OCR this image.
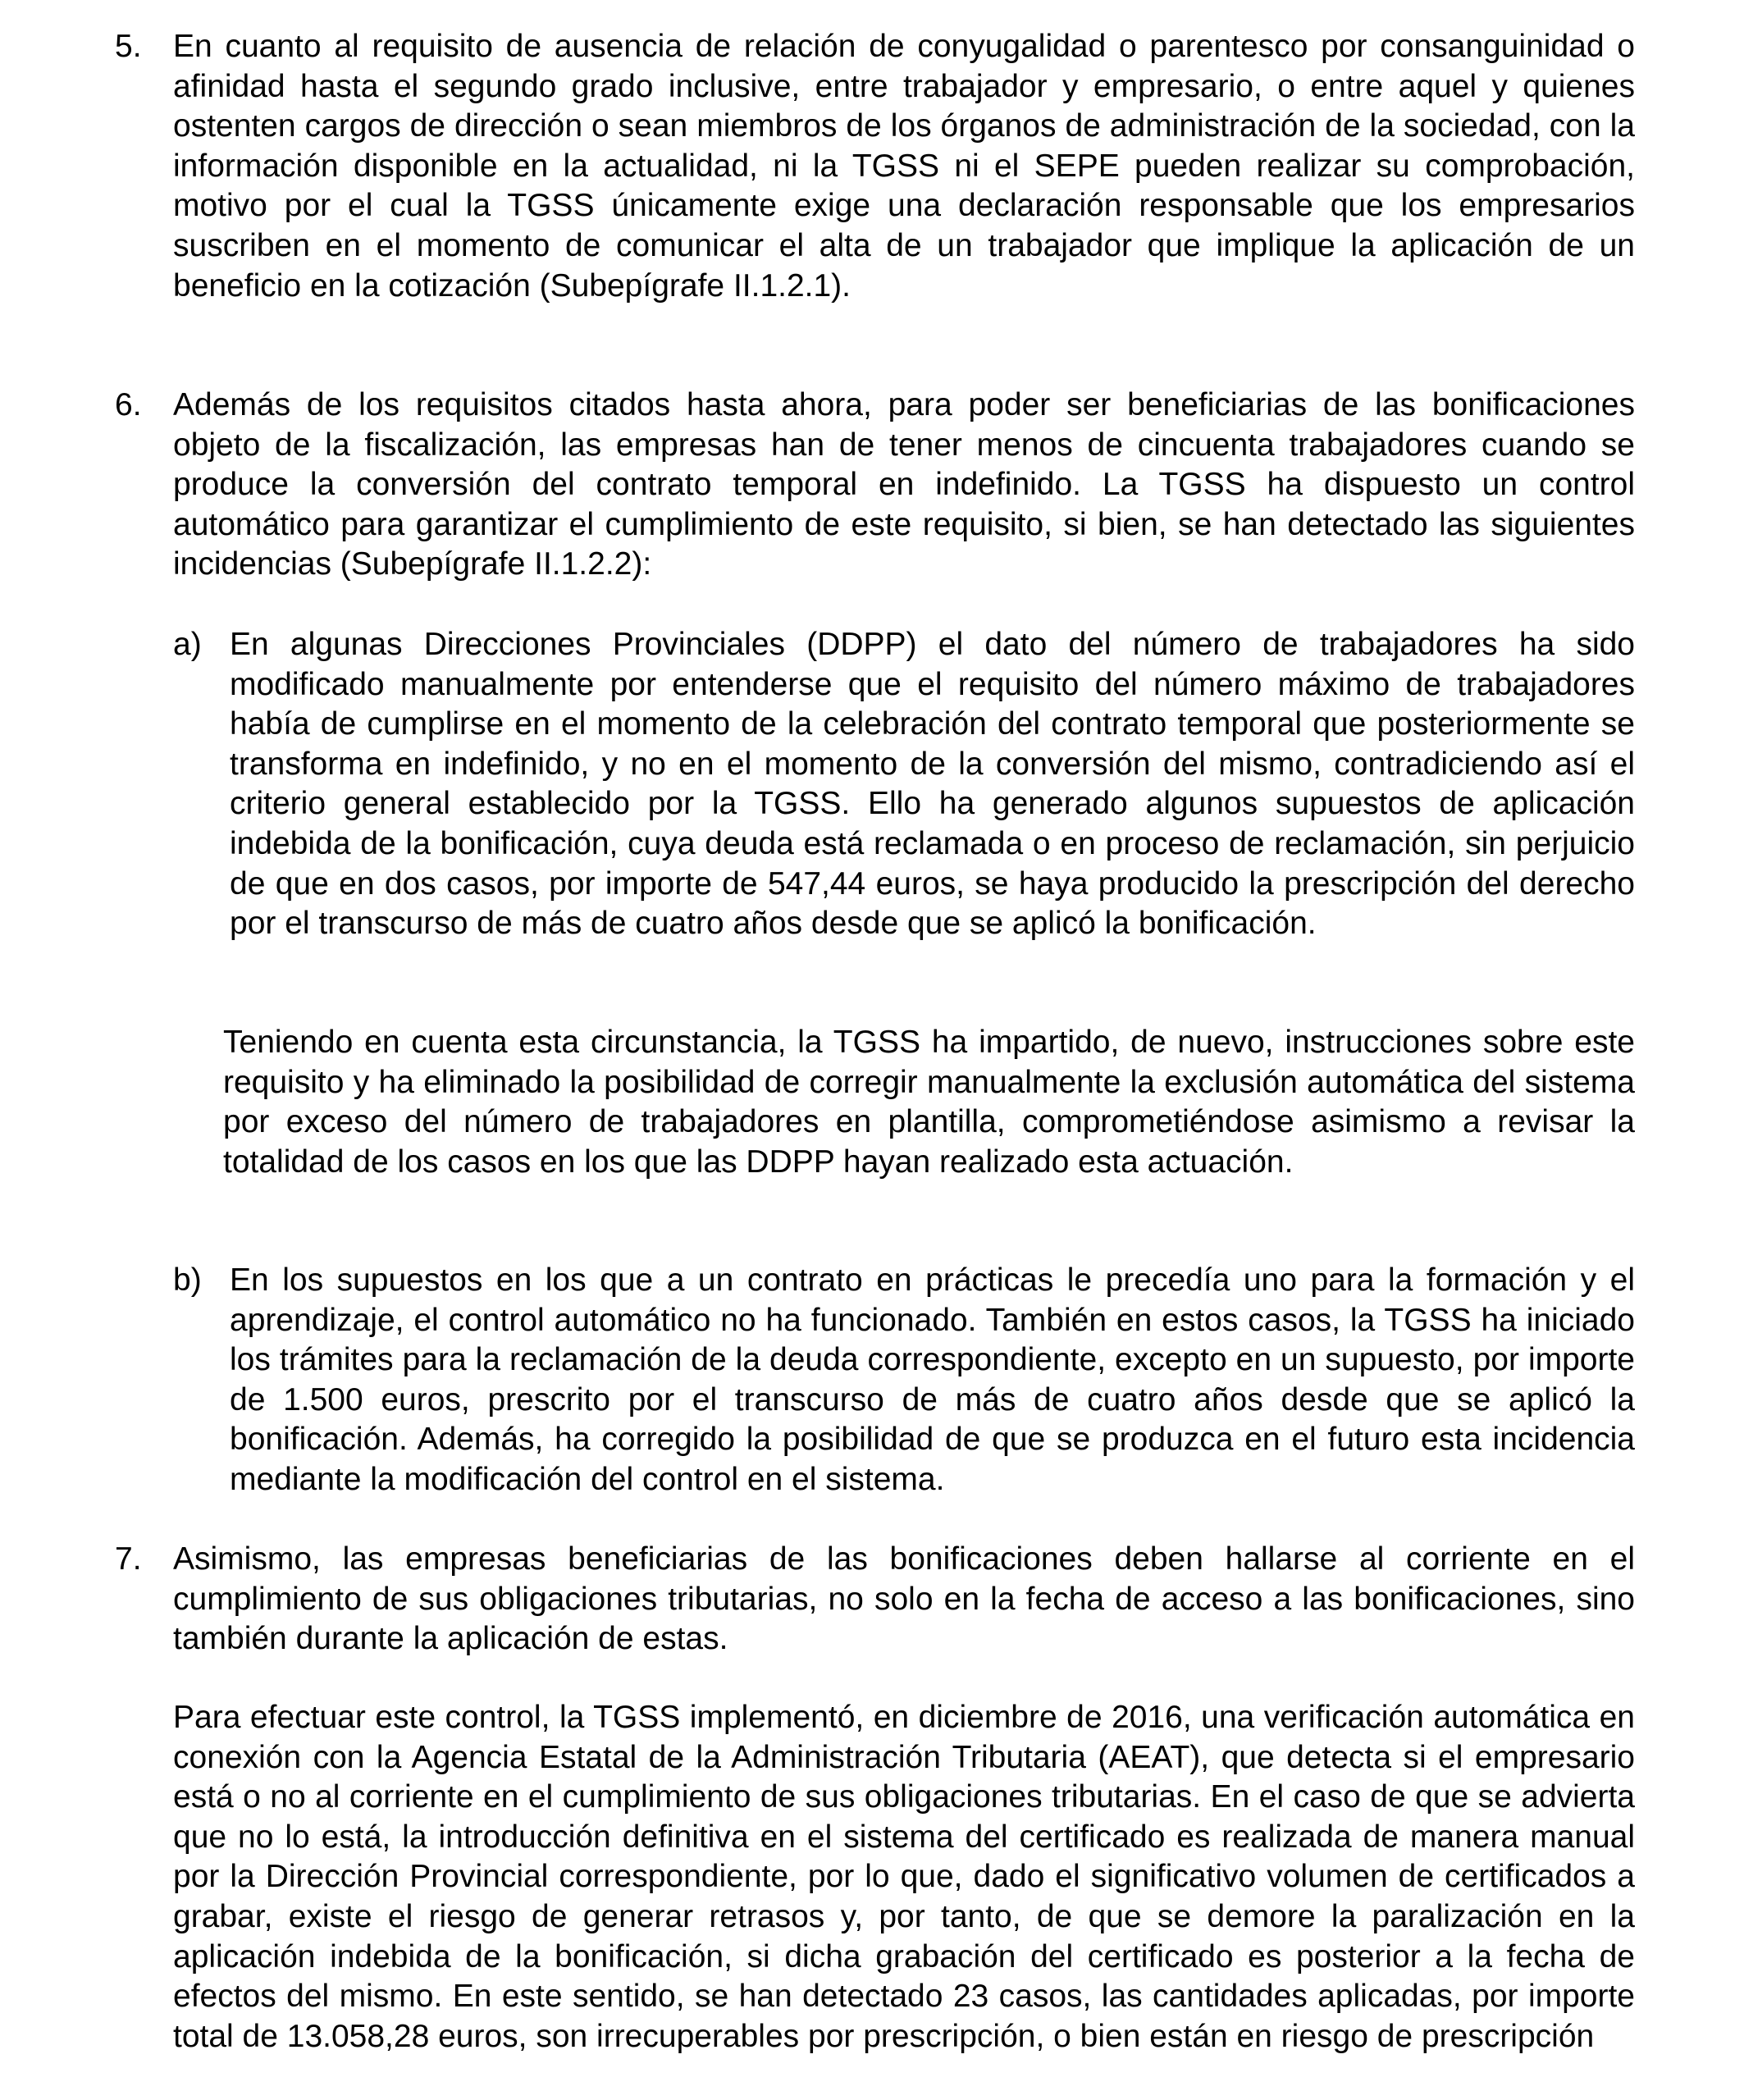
5. En cuanto al requisito de ausencia de relación de conyugalidad o parentesco por consanguinidad o afinidad hasta el segundo grado inclusive, entre trabajador y empresario, o entre aquel y quienes ostenten cargos de dirección o sean miembros de los órganos de administración de la sociedad, con la información disponible en la actualidad, ni la TGSS ni el SEPE pueden realizar su comprobación, motivo por el cual la TGSS únicamente exige una declaración responsable que los empresarios suscriben en el momento de comunicar el alta de un trabajador que implique la aplicación de un beneficio en la cotización (Subepígrafe II.1.2.1).

6. Además de los requisitos citados hasta ahora, para poder ser beneficiarias de las bonificaciones objeto de la fiscalización, las empresas han de tener menos de cincuenta trabajadores cuando se produce la conversión del contrato temporal en indefinido. La TGSS ha dispuesto un control automático para garantizar el cumplimiento de este requisito, si bien, se han detectado las siguientes incidencias (Subepígrafe II.1.2.2):

a) En algunas Direcciones Provinciales (DDPP) el dato del número de trabajadores ha sido modificado manualmente por entenderse que el requisito del número máximo de trabajadores había de cumplirse en el momento de la celebración del contrato temporal que posteriormente se transforma en indefinido, y no en el momento de la conversión del mismo, contradiciendo así el criterio general establecido por la TGSS. Ello ha generado algunos supuestos de aplicación indebida de la bonificación, cuya deuda está reclamada o en proceso de reclamación, sin perjuicio de que en dos casos, por importe de 547,44 euros, se haya producido la prescripción del derecho por el transcurso de más de cuatro años desde que se aplicó la bonificación.

Teniendo en cuenta esta circunstancia, la TGSS ha impartido, de nuevo, instrucciones sobre este requisito y ha eliminado la posibilidad de corregir manualmente la exclusión automática del sistema por exceso del número de trabajadores en plantilla, comprometiéndose asimismo a revisar la totalidad de los casos en los que las DDPP hayan realizado esta actuación.

b) En los supuestos en los que a un contrato en prácticas le precedía uno para la formación y el aprendizaje, el control automático no ha funcionado. También en estos casos, la TGSS ha iniciado los trámites para la reclamación de la deuda correspondiente, excepto en un supuesto, por importe de 1.500 euros, prescrito por el transcurso de más de cuatro años desde que se aplicó la bonificación. Además, ha corregido la posibilidad de que se produzca en el futuro esta incidencia mediante la modificación del control en el sistema.

7. Asimismo, las empresas beneficiarias de las bonificaciones deben hallarse al corriente en el cumplimiento de sus obligaciones tributarias, no solo en la fecha de acceso a las bonificaciones, sino también durante la aplicación de estas.

Para efectuar este control, la TGSS implementó, en diciembre de 2016, una verificación automática en conexión con la Agencia Estatal de la Administración Tributaria (AEAT), que detecta si el empresario está o no al corriente en el cumplimiento de sus obligaciones tributarias. En el caso de que se advierta que no lo está, la introducción definitiva en el sistema del certificado es realizada de manera manual por la Dirección Provincial correspondiente, por lo que, dado el significativo volumen de certificados a grabar, existe el riesgo de generar retrasos y, por tanto, de que se demore la paralización en la aplicación indebida de la bonificación, si dicha grabación del certificado es posterior a la fecha de efectos del mismo. En este sentido, se han detectado 23 casos, las cantidades aplicadas, por importe total de 13.058,28 euros, son irrecuperables por prescripción, o bien están en riesgo de prescripción
